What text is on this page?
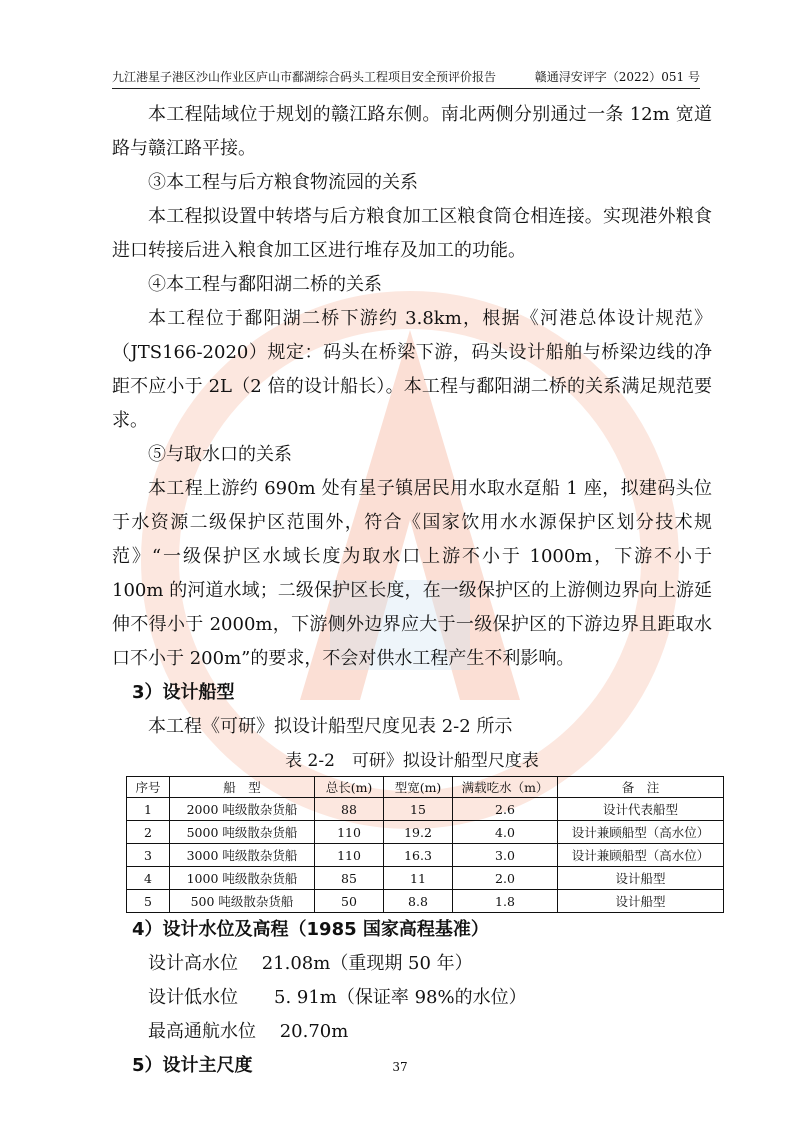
九江港星子港区沙山作业区庐山市鄱湖综合码头工程项目安全预评价报告	赣通浔安评字（2022）051 号

本工程陆域位于规划的赣江路东侧。南北两侧分别通过一条 12m 宽道路与赣江路平接。

③本工程与后方粮食物流园的关系

本工程拟设置中转塔与后方粮食加工区粮食筒仓相连接。实现港外粮食进口转接后进入粮食加工区进行堆存及加工的功能。

④本工程与鄱阳湖二桥的关系

本工程位于鄱阳湖二桥下游约 3.8km，根据《河港总体设计规范》（JTS166-2020）规定：码头在桥梁下游，码头设计船舶与桥梁边线的净距不应小于 2L（2 倍的设计船长）。本工程与鄱阳湖二桥的关系满足规范要求。

⑤与取水口的关系

本工程上游约 690m 处有星子镇居民用水取水趸船 1 座，拟建码头位于水资源二级保护区范围外，符合《国家饮用水水源保护区划分技术规范》“一级保护区水域长度为取水口上游不小于 1000m，下游不小于 100m 的河道水域；二级保护区长度，在一级保护区的上游侧边界向上游延伸不得小于 2000m，下游侧外边界应大于一级保护区的下游边界且距取水口不小于 200m”的要求，不会对供水工程产生不利影响。

3）设计船型

本工程《可研》拟设计船型尺度见表 2-2 所示

表 2-2　可研》拟设计船型尺度表
序号	船　型	总长(m)	型宽(m)	满载吃水（m）	备　注
1	2000 吨级散杂货船	88	15	2.6	设计代表船型
2	5000 吨级散杂货船	110	19.2	4.0	设计兼顾船型（高水位）
3	3000 吨级散杂货船	110	16.3	3.0	设计兼顾船型（高水位）
4	1000 吨级散杂货船	85	11	2.0	设计船型
5	500 吨级散杂货船	50	8.8	1.8	设计船型

4）设计水位及高程（1985 国家高程基准）

设计高水位　 21.08m（重现期 50 年）

设计低水位　　5. 91m（保证率 98%的水位）

最高通航水位　 20.70m

5）设计主尺度	37
